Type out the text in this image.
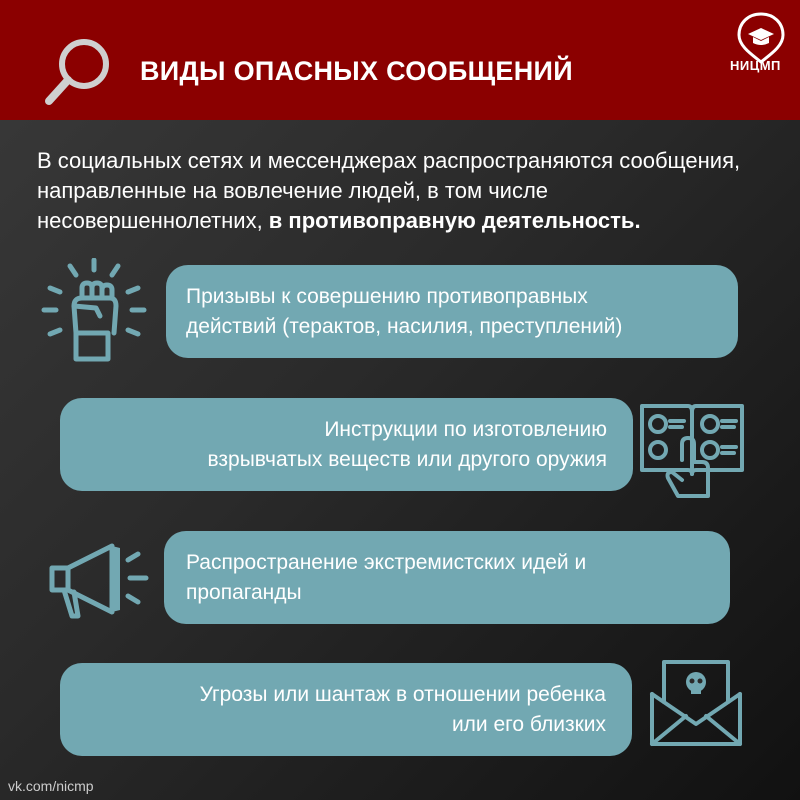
ВИДЫ ОПАСНЫХ СООБЩЕНИЙ	НИЦМП
В социальных сетях и мессенджерах распространяются сообщения, направленные на вовлечение людей, в том числе несовершеннолетних, в противоправную деятельность.
Призывы к совершению противоправных
действий (терактов, насилия, преступлений)
Инструкции по изготовлению
взрывчатых веществ или другого оружия
Распространение экстремистских идей и
пропаганды
Угрозы или шантаж в отношении ребенка
или его близких
vk.com/nicmp
